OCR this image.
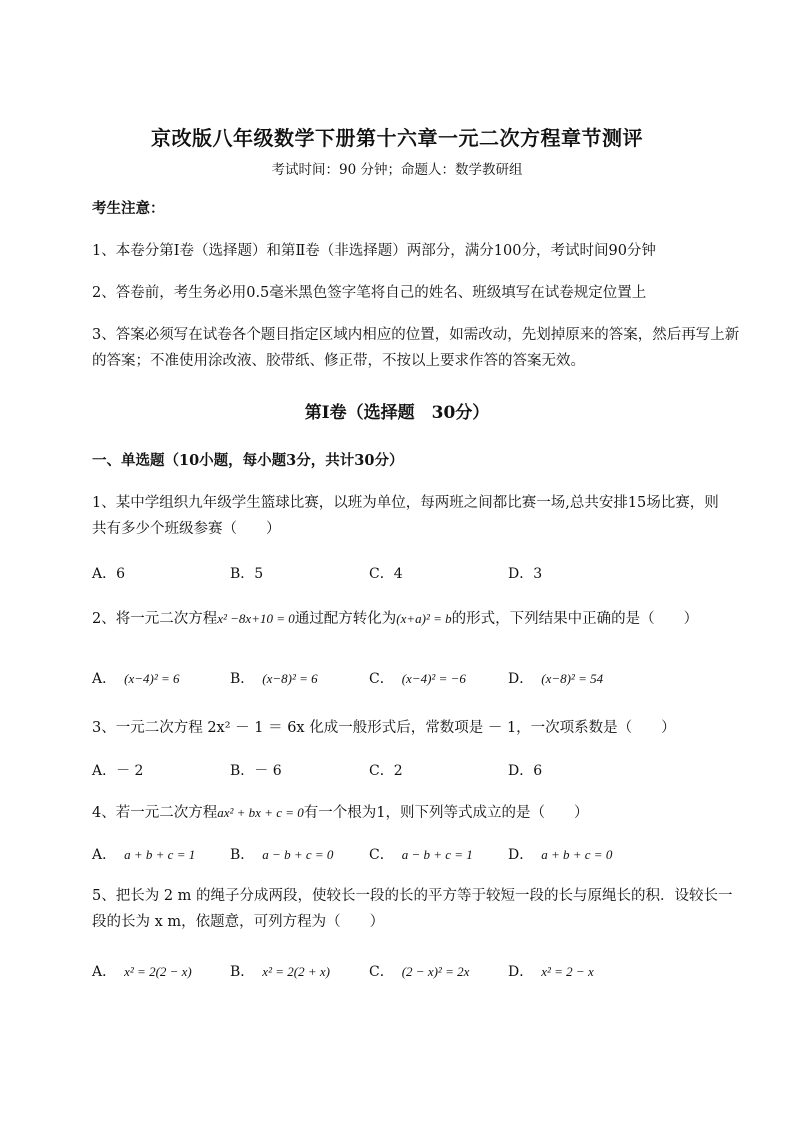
京改版八年级数学下册第十六章一元二次方程章节测评
考试时间：90 分钟；命题人：数学教研组
考生注意：
1、本卷分第Ⅰ卷（选择题）和第Ⅱ卷（非选择题）两部分，满分100分，考试时间90分钟
2、答卷前，考生务必用0.5毫米黑色签字笔将自己的姓名、班级填写在试卷规定位置上
3、答案必须写在试卷各个题目指定区域内相应的位置，如需改动，先划掉原来的答案，然后再写上新
的答案；不准使用涂改液、胶带纸、修正带，不按以上要求作答的答案无效。
第Ⅰ卷（选择题　30分）
一、单选题（10小题，每小题3分，共计30分）
1、某中学组织九年级学生篮球比赛，以班为单位，每两班之间都比赛一场,总共安排15场比赛，则
共有多少个班级参赛（　　）
A．6	B．5	C．4	D．3
2、将一元二次方程x² −8x+10 = 0通过配方转化为(x+a)² = b的形式，下列结果中正确的是（　　）
A． (x−4)² = 6	B． (x−8)² = 6	C． (x−4)² = −6	D． (x−8)² = 54
3、一元二次方程 2x² － 1 ＝ 6x 化成一般形式后，常数项是 － 1，一次项系数是（　　）
A．－ 2	B．－ 6	C．2	D．6
4、若一元二次方程ax² + bx + c = 0有一个根为1，则下列等式成立的是（　　）
A． a + b + c = 1 B． a − b + c = 0	C． a − b + c = 1	D． a + b + c = 0
5、把长为 2 m 的绳子分成两段，使较长一段的长的平方等于较短一段的长与原绳长的积．设较长一
段的长为 x m，依题意，可列方程为（　　）
A． x² = 2(2 − x)	B． x² = 2(2 + x)	C． (2 − x)² = 2x	D． x² = 2 − x
